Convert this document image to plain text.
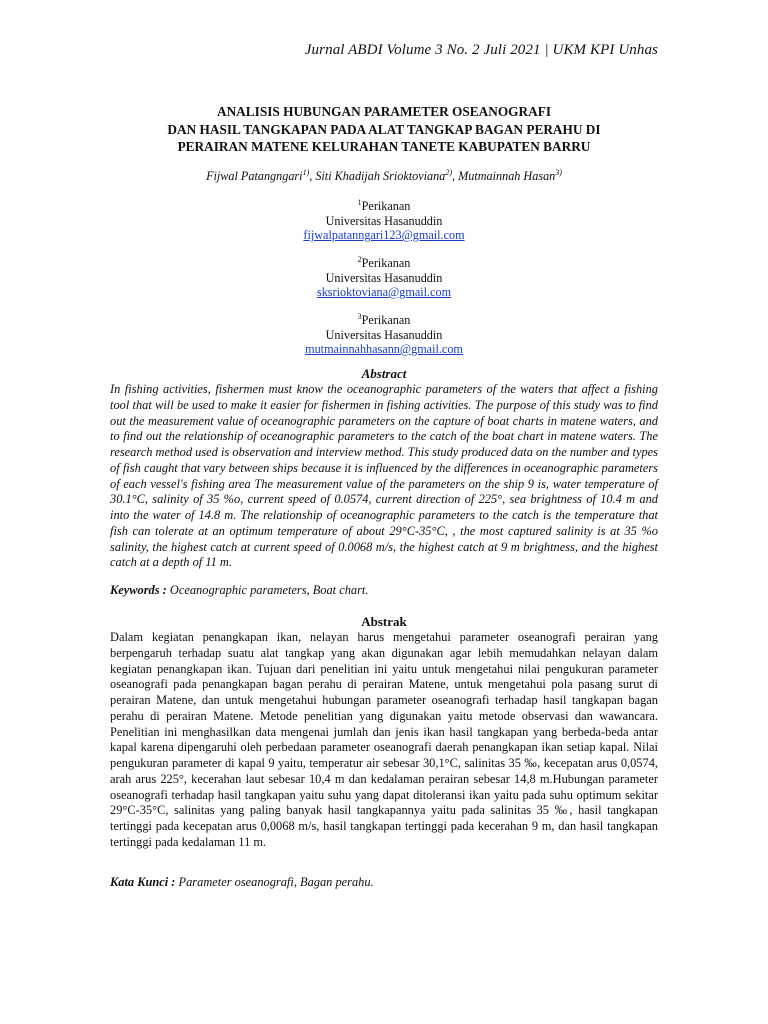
Jurnal ABDI Volume 3 No. 2 Juli 2021 | UKM KPI Unhas
ANALISIS HUBUNGAN PARAMETER OSEANOGRAFI
DAN HASIL TANGKAPAN PADA ALAT TANGKAP BAGAN PERAHU DI
PERAIRAN MATENE KELURAHAN TANETE KABUPATEN BARRU
Fijwal Patangngari$^{1)}$, Siti Khadijah Srioktoviana$^{2)}$, Mutmainnah Hasan$^{3)}$
$^1$Perikanan
Universitas Hasanuddin
fijwalpatanngari123@gmail.com
$^2$Perikanan
Universitas Hasanuddin
sksrioktoviana@gmail.com
$^3$Perikanan
Universitas Hasanuddin
mutmainnahhasann@gmail.com
Abstract
In fishing activities, fishermen must know the oceanographic parameters of the waters that affect a fishing tool that will be used to make it easier for fishermen in fishing activities. The purpose of this study was to find out the measurement value of oceanographic parameters on the capture of boat charts in matene waters, and to find out the relationship of oceanographic parameters to the catch of the boat chart in matene waters. The research method used is observation and interview method. This study produced data on the number and types of fish caught that vary between ships because it is influenced by the differences in oceanographic parameters of each vessel's fishing area The measurement value of the parameters on the ship 9 is, water temperature of 30.1°C, salinity of 35 %o, current speed of 0.0574, current direction of 225°, sea brightness of 10.4 m and into the water of 14.8 m. The relationship of oceanographic parameters to the catch is the temperature that fish can tolerate at an optimum temperature of about 29°C-35°C, , the most captured salinity is at 35 %o salinity, the highest catch at current speed of 0.0068 m/s, the highest catch at 9 m brightness, and the highest catch at a depth of 11 m.
Keywords : Oceanographic parameters, Boat chart.
Abstrak
Dalam kegiatan penangkapan ikan, nelayan harus mengetahui parameter oseanografi perairan yang berpengaruh terhadap suatu alat tangkap yang akan digunakan agar lebih memudahkan nelayan dalam kegiatan penangkapan ikan. Tujuan dari penelitian ini yaitu untuk mengetahui nilai pengukuran parameter oseanografi pada penangkapan bagan perahu di perairan Matene, untuk mengetahui pola pasang surut di perairan Matene, dan untuk mengetahui hubungan parameter oseanografi terhadap hasil tangkapan bagan perahu di perairan Matene. Metode penelitian yang digunakan yaitu metode observasi dan wawancara. Penelitian ini menghasilkan data mengenai jumlah dan jenis ikan hasil tangkapan yang berbeda-beda antar kapal karena dipengaruhi oleh perbedaan parameter oseanografi daerah penangkapan ikan setiap kapal. Nilai pengukuran parameter di kapal 9 yaitu, temperatur air sebesar 30,1°C, salinitas 35 ‰, kecepatan arus 0,0574, arah arus 225°, kecerahan laut sebesar 10,4 m dan kedalaman perairan sebesar 14,8 m.Hubungan parameter oseanografi terhadap hasil tangkapan yaitu suhu yang dapat ditoleransi ikan yaitu pada suhu optimum sekitar 29°C-35°C, salinitas yang paling banyak hasil tangkapannya yaitu pada salinitas 35 ‰, hasil tangkapan tertinggi pada kecepatan arus 0,0068 m/s, hasil tangkapan tertinggi pada kecerahan 9 m, dan hasil tangkapan tertinggi pada kedalaman 11 m.
Kata Kunci : Parameter oseanografi, Bagan perahu.
